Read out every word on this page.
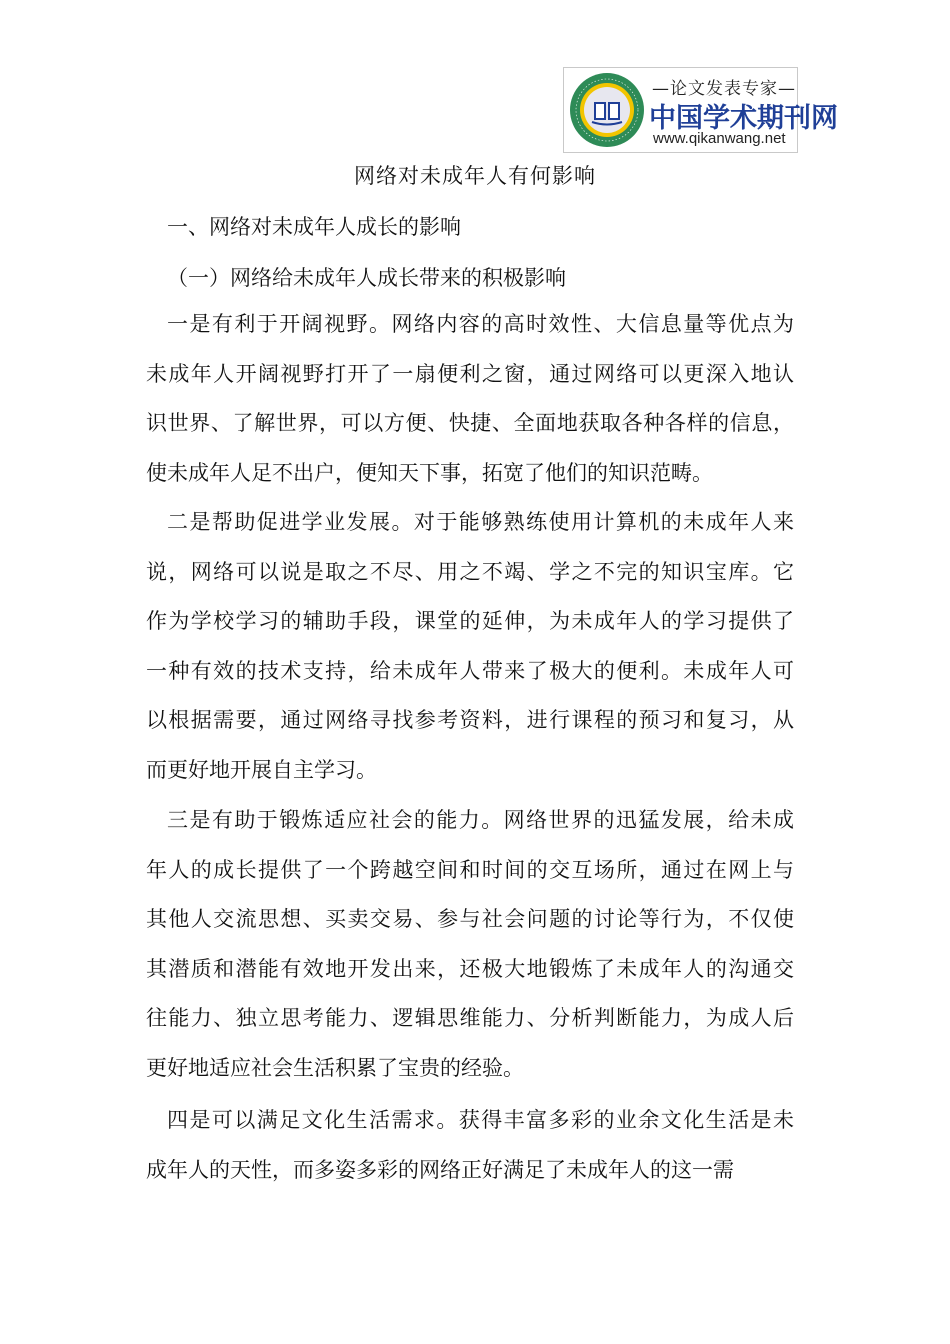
—论文发表专家—
中国学术期刊网
www.qikanwang.net
网络对未成年人有何影响
一、网络对未成年人成长的影响
（一）网络给未成年人成长带来的积极影响
一是有利于开阔视野。网络内容的高时效性、大信息量等优点为
未成年人开阔视野打开了一扇便利之窗，通过网络可以更深入地认
识世界、了解世界，可以方便、快捷、全面地获取各种各样的信息，
使未成年人足不出户，便知天下事，拓宽了他们的知识范畴。
二是帮助促进学业发展。对于能够熟练使用计算机的未成年人来
说，网络可以说是取之不尽、用之不竭、学之不完的知识宝库。它
作为学校学习的辅助手段，课堂的延伸，为未成年人的学习提供了
一种有效的技术支持，给未成年人带来了极大的便利。未成年人可
以根据需要，通过网络寻找参考资料，进行课程的预习和复习，从
而更好地开展自主学习。
三是有助于锻炼适应社会的能力。网络世界的迅猛发展，给未成
年人的成长提供了一个跨越空间和时间的交互场所，通过在网上与
其他人交流思想、买卖交易、参与社会问题的讨论等行为，不仅使
其潜质和潜能有效地开发出来，还极大地锻炼了未成年人的沟通交
往能力、独立思考能力、逻辑思维能力、分析判断能力，为成人后
更好地适应社会生活积累了宝贵的经验。
四是可以满足文化生活需求。获得丰富多彩的业余文化生活是未
成年人的天性，而多姿多彩的网络正好满足了未成年人的这一需
